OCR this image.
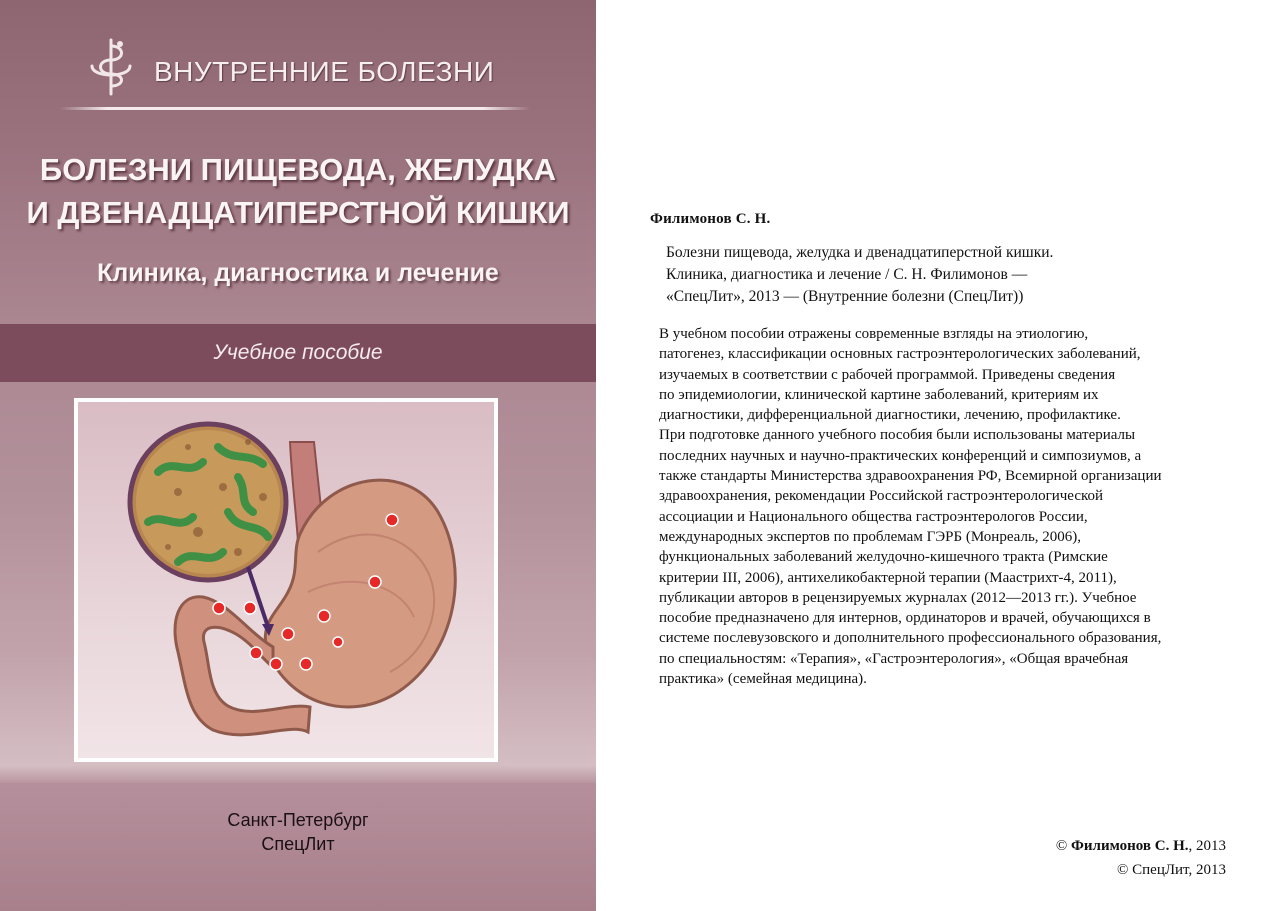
ВНУТРЕННИЕ БОЛЕЗНИ
БОЛЕЗНИ ПИЩЕВОДА, ЖЕЛУДКА
И ДВЕНАДЦАТИПЕРСТНОЙ КИШКИ
Клиника, диагностика и лечение
Учебное пособие
Санкт-Петербург
СпецЛит
Филимонов С. Н.
Болезни пищевода, желудка и двенадцатиперстной кишки.
Клиника, диагностика и лечение / С. Н. Филимонов —
«СпецЛит», 2013 — (Внутренние болезни (СпецЛит))
В учебном пособии отражены современные взгляды на этиологию,
патогенез, классификации основных гастроэнтерологических заболеваний,
изучаемых в соответствии с рабочей программой. Приведены сведения
по эпидемиологии, клинической картине заболеваний, критериям их
диагностики, дифференциальной диагностики, лечению, профилактике.
При подготовке данного учебного пособия были использованы материалы
последних научных и научно-практических конференций и симпозиумов, а
также стандарты Министерства здравоохранения РФ, Всемирной организации
здравоохранения, рекомендации Российской гастроэнтерологической
ассоциации и Национального общества гастроэнтерологов России,
международных экспертов по проблемам ГЭРБ (Монреаль, 2006),
функциональных заболеваний желудочно-кишечного тракта (Римские
критерии III, 2006), антихеликобактерной терапии (Маастрихт-4, 2011),
публикации авторов в рецензируемых журналах (2012—2013 гг.). Учебное
пособие предназначено для интернов, ординаторов и врачей, обучающихся в
системе послевузовского и дополнительного профессионального образования,
по специальностям: «Терапия», «Гастроэнтерология», «Общая врачебная
практика» (семейная медицина).
© Филимонов С. Н., 2013
© СпецЛит, 2013
